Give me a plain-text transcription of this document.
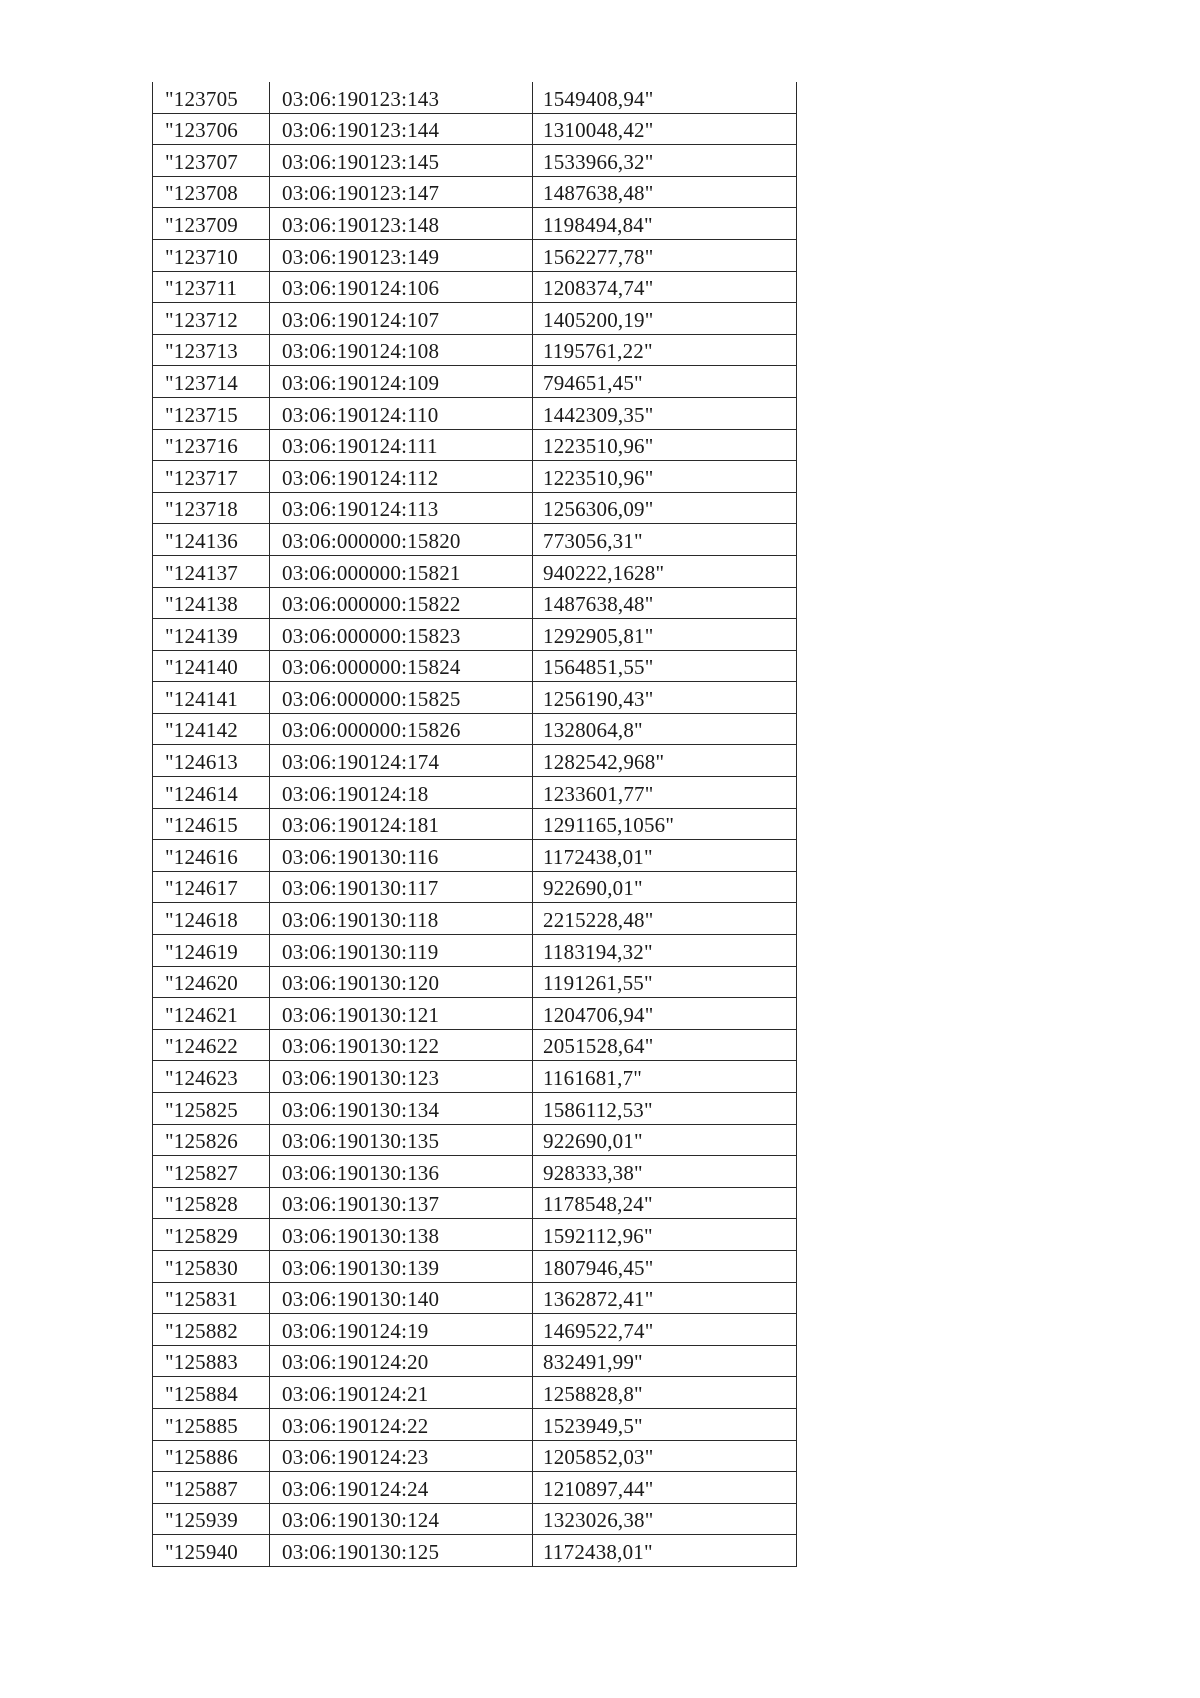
"123705	03:06:190123:143	1549408,94"
"123706	03:06:190123:144	1310048,42"
"123707	03:06:190123:145	1533966,32"
"123708	03:06:190123:147	1487638,48"
"123709	03:06:190123:148	1198494,84"
"123710	03:06:190123:149	1562277,78"
"123711	03:06:190124:106	1208374,74"
"123712	03:06:190124:107	1405200,19"
"123713	03:06:190124:108	1195761,22"
"123714	03:06:190124:109	794651,45"
"123715	03:06:190124:110	1442309,35"
"123716	03:06:190124:111	1223510,96"
"123717	03:06:190124:112	1223510,96"
"123718	03:06:190124:113	1256306,09"
"124136	03:06:000000:15820	773056,31"
"124137	03:06:000000:15821	940222,1628"
"124138	03:06:000000:15822	1487638,48"
"124139	03:06:000000:15823	1292905,81"
"124140	03:06:000000:15824	1564851,55"
"124141	03:06:000000:15825	1256190,43"
"124142	03:06:000000:15826	1328064,8"
"124613	03:06:190124:174	1282542,968"
"124614	03:06:190124:18	1233601,77"
"124615	03:06:190124:181	1291165,1056"
"124616	03:06:190130:116	1172438,01"
"124617	03:06:190130:117	922690,01"
"124618	03:06:190130:118	2215228,48"
"124619	03:06:190130:119	1183194,32"
"124620	03:06:190130:120	1191261,55"
"124621	03:06:190130:121	1204706,94"
"124622	03:06:190130:122	2051528,64"
"124623	03:06:190130:123	1161681,7"
"125825	03:06:190130:134	1586112,53"
"125826	03:06:190130:135	922690,01"
"125827	03:06:190130:136	928333,38"
"125828	03:06:190130:137	1178548,24"
"125829	03:06:190130:138	1592112,96"
"125830	03:06:190130:139	1807946,45"
"125831	03:06:190130:140	1362872,41"
"125882	03:06:190124:19	1469522,74"
"125883	03:06:190124:20	832491,99"
"125884	03:06:190124:21	1258828,8"
"125885	03:06:190124:22	1523949,5"
"125886	03:06:190124:23	1205852,03"
"125887	03:06:190124:24	1210897,44"
"125939	03:06:190130:124	1323026,38"
"125940	03:06:190130:125	1172438,01"
